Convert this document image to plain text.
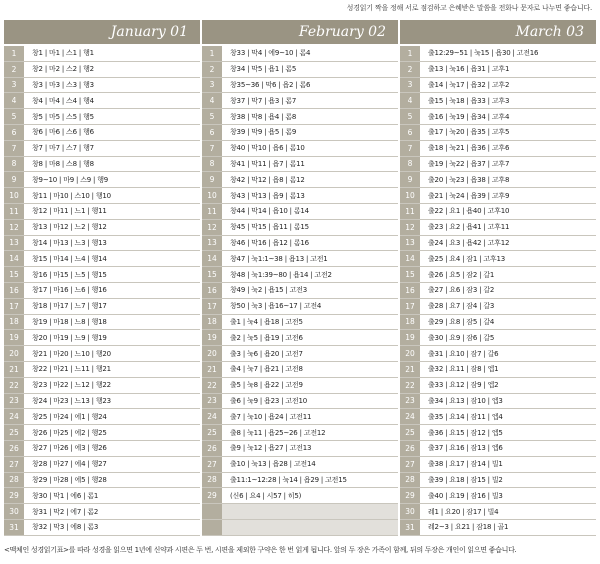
성경읽기 짝을 정해 서로 점검하고 은혜받은 말씀을 전화나 문자로 나누면 좋습니다.
January 01
1	창1 | 마1 | 스1 | 행1
2	창2 | 마2 | 스2 | 행2
3	창3 | 마3 | 스3 | 행3
4	창4 | 마4 | 스4 | 행4
5	창5 | 마5 | 스5 | 행5
6	창6 | 마6 | 스6 | 행6
7	창7 | 마7 | 스7 | 행7
8	창8 | 마8 | 스8 | 행8
9	창9~10 | 마9 | 스9 | 행9
10	창11 | 마10 | 스10 | 행10
11	창12 | 마11 | 느1 | 행11
12	창13 | 마12 | 느2 | 행12
13	창14 | 마13 | 느3 | 행13
14	창15 | 마14 | 느4 | 행14
15	창16 | 마15 | 느5 | 행15
16	창17 | 마16 | 느6 | 행16
17	창18 | 마17 | 느7 | 행17
18	창19 | 마18 | 느8 | 행18
19	창20 | 마19 | 느9 | 행19
20	창21 | 마20 | 느10 | 행20
21	창22 | 마21 | 느11 | 행21
22	창23 | 마22 | 느12 | 행22
23	창24 | 마23 | 느13 | 행23
24	창25 | 마24 | 에1 | 행24
25	창26 | 마25 | 에2 | 행25
26	창27 | 마26 | 에3 | 행26
27	창28 | 마27 | 에4 | 행27
28	창29 | 마28 | 에5 | 행28
29	창30 | 막1 | 에6 | 롬1
30	창31 | 막2 | 에7 | 롬2
31	창32 | 막3 | 에8 | 롬3
February 02
1	창33 | 막4 | 에9~10 | 롬4
2	창34 | 막5 | 욥1 | 롬5
3	창35~36 | 막6 | 욥2 | 롬6
4	창37 | 막7 | 욥3 | 롬7
5	창38 | 막8 | 욥4 | 롬8
6	창39 | 막9 | 욥5 | 롬9
7	창40 | 막10 | 욥6 | 롬10
8	창41 | 막11 | 욥7 | 롬11
9	창42 | 막12 | 욥8 | 롬12
10	창43 | 막13 | 욥9 | 롬13
11	창44 | 막14 | 욥10 | 롬14
12	창45 | 막15 | 욥11 | 롬15
13	창46 | 막16 | 욥12 | 롬16
14	창47 | 눅1:1~38 | 욥13 | 고전1
15	창48 | 눅1:39~80 | 욥14 | 고전2
16	창49 | 눅2 | 욥15 | 고전3
17	창50 | 눅3 | 욥16~17 | 고전4
18	출1 | 눅4 | 욥18 | 고전5
19	출2 | 눅5 | 욥19 | 고전6
20	출3 | 눅6 | 욥20 | 고전7
21	출4 | 눅7 | 욥21 | 고전8
22	출5 | 눅8 | 욥22 | 고전9
23	출6 | 눅9 | 욥23 | 고전10
24	출7 | 눅10 | 욥24 | 고전11
25	출8 | 눅11 | 욥25~26 | 고전12
26	출9 | 눅12 | 욥27 | 고전13
27	출10 | 눅13 | 욥28 | 고전14
28	출11:1~12:28 | 눅14 | 욥29 | 고전15
29	(신6 | 요4 | 시57 | 히5)
March 03
1	출12:29~51 | 눅15 | 욥30 | 고전16
2	출13 | 눅16 | 욥31 | 고후1
3	출14 | 눅17 | 욥32 | 고후2
4	출15 | 눅18 | 욥33 | 고후3
5	출16 | 눅19 | 욥34 | 고후4
6	출17 | 눅20 | 욥35 | 고후5
7	출18 | 눅21 | 욥36 | 고후6
8	출19 | 눅22 | 욥37 | 고후7
9	출20 | 눅23 | 욥38 | 고후8
10	출21 | 눅24 | 욥39 | 고후9
11	출22 | 요1 | 욥40 | 고후10
12	출23 | 요2 | 욥41 | 고후11
13	출24 | 요3 | 욥42 | 고후12
14	출25 | 요4 | 잠1 | 고후13
15	출26 | 요5 | 잠2 | 갈1
16	출27 | 요6 | 잠3 | 갈2
17	출28 | 요7 | 잠4 | 갈3
18	출29 | 요8 | 잠5 | 갈4
19	출30 | 요9 | 잠6 | 갈5
20	출31 | 요10 | 잠7 | 갈6
21	출32 | 요11 | 잠8 | 엡1
22	출33 | 요12 | 잠9 | 엡2
23	출34 | 요13 | 잠10 | 엡3
24	출35 | 요14 | 잠11 | 엡4
25	출36 | 요15 | 잠12 | 엡5
26	출37 | 요16 | 잠13 | 엡6
27	출38 | 요17 | 잠14 | 빌1
28	출39 | 요18 | 잠15 | 빌2
29	출40 | 요19 | 잠16 | 빌3
30	레1 | 요20 | 잠17 | 빌4
31	레2~3 | 요21 | 잠18 | 골1
<맥체인 성경읽기표>를 따라 성경을 읽으면 1년에 신약과 시편은 두 번, 시편을 제외한 구약은 한 번 읽게 됩니다. 앞의 두 장은 가족이 함께, 뒤의 두장은 개인이 읽으면 좋습니다.
